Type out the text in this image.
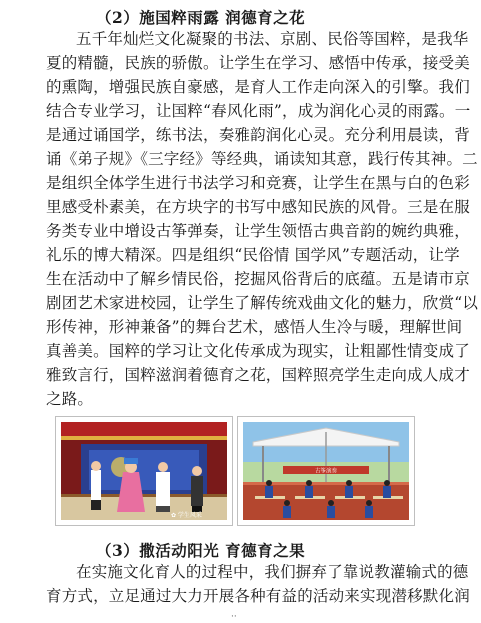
（2）施国粹雨露 润德育之花
五千年灿烂文化凝聚的书法、京剧、民俗等国粹，是我华
夏的精髓，民族的骄傲。让学生在学习、感悟中传承，接受美
的熏陶，增强民族自豪感，是育人工作走向深入的引擎。我们
结合专业学习，让国粹“春风化雨”，成为润化心灵的雨露。一
是通过诵国学，练书法，奏雅韵润化心灵。充分利用晨读，背
诵《弟子规》《三字经》等经典，诵读知其意，践行传其神。二
是组织全体学生进行书法学习和竞赛，让学生在黑与白的色彩
里感受朴素美，在方块字的书写中感知民族的风骨。三是在服
务类专业中增设古筝弹奏，让学生领悟古典音韵的婉约典雅，
礼乐的博大精深。四是组织“民俗情 国学风”专题活动，让学
生在活动中了解乡情民俗，挖掘风俗背后的底蕴。五是请市京
剧团艺术家进校园，让学生了解传统戏曲文化的魅力，欣赏“以
形传神，形神兼备”的舞台艺术，感悟人生冷与暖，理解世间
真善美。国粹的学习让文化传承成为现实，让粗鄙性情变成了
雅致言行，国粹滋润着德育之花，国粹照亮学生走向成人成才
之路。
✿ 学生风采
古筝演奏
（3）撒活动阳光 育德育之果
在实施文化育人的过程中，我们摒弃了靠说教灌输式的德
育方式，立足通过大力开展各种有益的活动来实现潜移默化润
··
